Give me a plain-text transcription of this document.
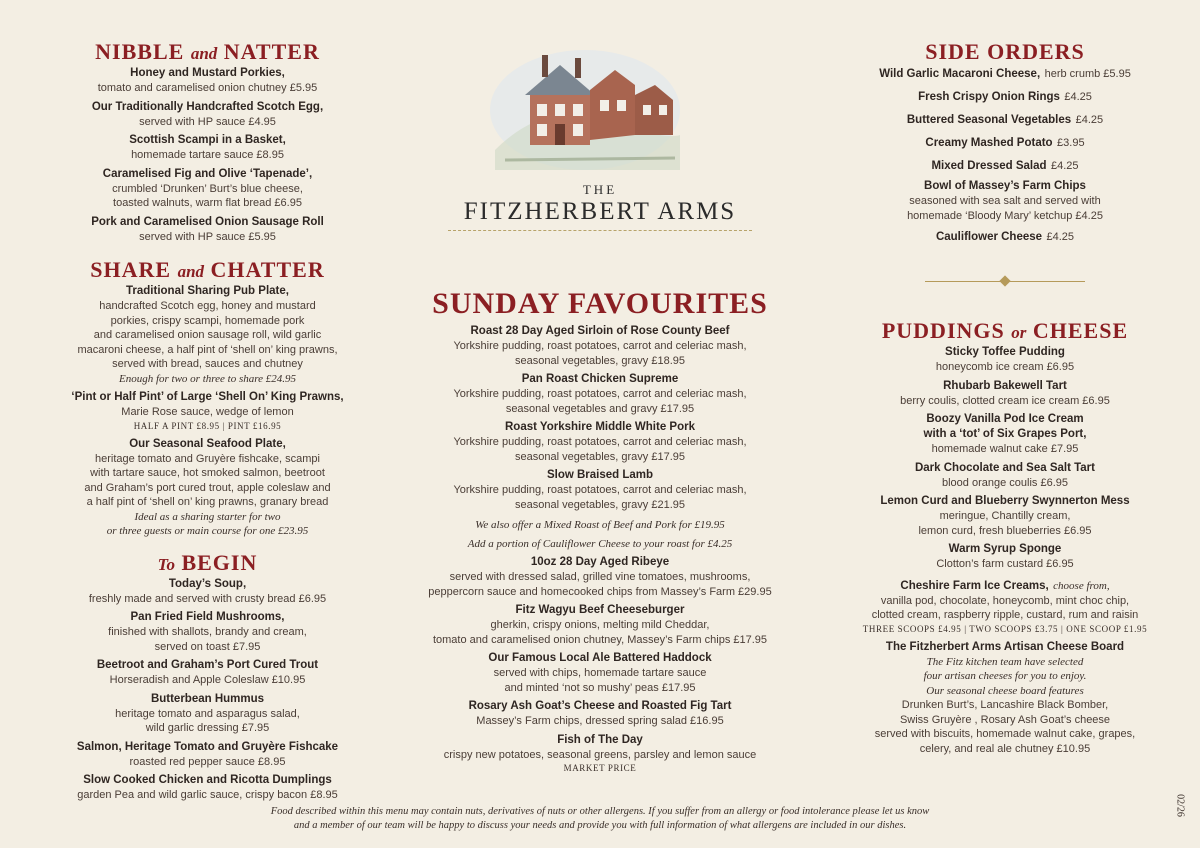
NIBBLE and NATTER
Honey and Mustard Porkies,
tomato and caramelised onion chutney £5.95
Our Traditionally Handcrafted Scotch Egg,
served with HP sauce £4.95
Scottish Scampi in a Basket,
homemade tartare sauce £8.95
Caramelised Fig and Olive ‘Tapenade’,
crumbled ‘Drunken’ Burt’s blue cheese,
toasted walnuts, warm flat bread £6.95
Pork and Caramelised Onion Sausage Roll
served with HP sauce £5.95
SHARE and CHATTER
Traditional Sharing Pub Plate,
handcrafted Scotch egg, honey and mustard
porkies, crispy scampi, homemade pork
and caramelised onion sausage roll, wild garlic
macaroni cheese, a half pint of ‘shell on’ king prawns,
served with bread, sauces and chutney
Enough for two or three to share £24.95
‘Pint or Half Pint’ of Large ‘Shell On’ King Prawns,
Marie Rose sauce, wedge of lemon
HALF A PINT £8.95 | PINT £16.95
Our Seasonal Seafood Plate,
heritage tomato and Gruyère fishcake, scampi
with tartare sauce, hot smoked salmon, beetroot
and Graham’s port cured trout, apple coleslaw and
a half pint of ‘shell on’ king prawns, granary bread
Ideal as a sharing starter for two
or three guests or main course for one £23.95
To BEGIN
Today’s Soup,
freshly made and served with crusty bread £6.95
Pan Fried Field Mushrooms,
finished with shallots, brandy and cream,
served on toast £7.95
Beetroot and Graham’s Port Cured Trout
Horseradish and Apple Coleslaw £10.95
Butterbean Hummus
heritage tomato and asparagus salad,
wild garlic dressing £7.95
Salmon, Heritage Tomato and Gruyère Fishcake
roasted red pepper sauce £8.95
Slow Cooked Chicken and Ricotta Dumplings
garden Pea and wild garlic sauce, crispy bacon £8.95
THE
FITZHERBERT ARMS
SUNDAY FAVOURITES
Roast 28 Day Aged Sirloin of Rose County Beef
Yorkshire pudding, roast potatoes, carrot and celeriac mash,
seasonal vegetables, gravy £18.95
Pan Roast Chicken Supreme
Yorkshire pudding, roast potatoes, carrot and celeriac mash,
seasonal vegetables and gravy £17.95
Roast Yorkshire Middle White Pork
Yorkshire pudding, roast potatoes, carrot and celeriac mash,
seasonal vegetables, gravy £17.95
Slow Braised Lamb
Yorkshire pudding, roast potatoes, carrot and celeriac mash,
seasonal vegetables, gravy £21.95
We also offer a Mixed Roast of Beef and Pork for £19.95
Add a portion of Cauliflower Cheese to your roast for £4.25
10oz 28 Day Aged Ribeye
served with dressed salad, grilled vine tomatoes, mushrooms,
peppercorn sauce and homecooked chips from Massey’s Farm £29.95
Fitz Wagyu Beef Cheeseburger
gherkin, crispy onions, melting mild Cheddar,
tomato and caramelised onion chutney, Massey’s Farm chips £17.95
Our Famous Local Ale Battered Haddock
served with chips, homemade tartare sauce
and minted ‘not so mushy’ peas £17.95
Rosary Ash Goat’s Cheese and Roasted Fig Tart
Massey’s Farm chips, dressed spring salad £16.95
Fish of The Day
crispy new potatoes, seasonal greens, parsley and lemon sauce
MARKET PRICE
SIDE ORDERS
Wild Garlic Macaroni Cheese, herb crumb £5.95
Fresh Crispy Onion Rings £4.25
Buttered Seasonal Vegetables £4.25
Creamy Mashed Potato £3.95
Mixed Dressed Salad £4.25
Bowl of Massey’s Farm Chips
seasoned with sea salt and served with
homemade ‘Bloody Mary’ ketchup £4.25
Cauliflower Cheese £4.25
PUDDINGS or CHEESE
Sticky Toffee Pudding
honeycomb ice cream £6.95
Rhubarb Bakewell Tart
berry coulis, clotted cream ice cream £6.95
Boozy Vanilla Pod Ice Cream
with a ‘tot’ of Six Grapes Port,
homemade walnut cake £7.95
Dark Chocolate and Sea Salt Tart
blood orange coulis £6.95
Lemon Curd and Blueberry Swynnerton Mess
meringue, Chantilly cream,
lemon curd, fresh blueberries £6.95
Warm Syrup Sponge
Clotton’s farm custard £6.95
Cheshire Farm Ice Creams, choose from,
vanilla pod, chocolate, honeycomb, mint choc chip,
clotted cream, raspberry ripple, custard, rum and raisin
THREE SCOOPS £4.95 | TWO SCOOPS £3.75 | ONE SCOOP £1.95
The Fitzherbert Arms Artisan Cheese Board
The Fitz kitchen team have selected
four artisan cheeses for you to enjoy.
Our seasonal cheese board features
Drunken Burt’s, Lancashire Black Bomber,
Swiss Gruyère , Rosary Ash Goat’s cheese
served with biscuits, homemade walnut cake, grapes,
celery, and real ale chutney £10.95
Food described within this menu may contain nuts, derivatives of nuts or other allergens. If you suffer from an allergy or food intolerance please let us know
and a member of our team will be happy to discuss your needs and provide you with full information of what allergens are included in our dishes.
02/26
